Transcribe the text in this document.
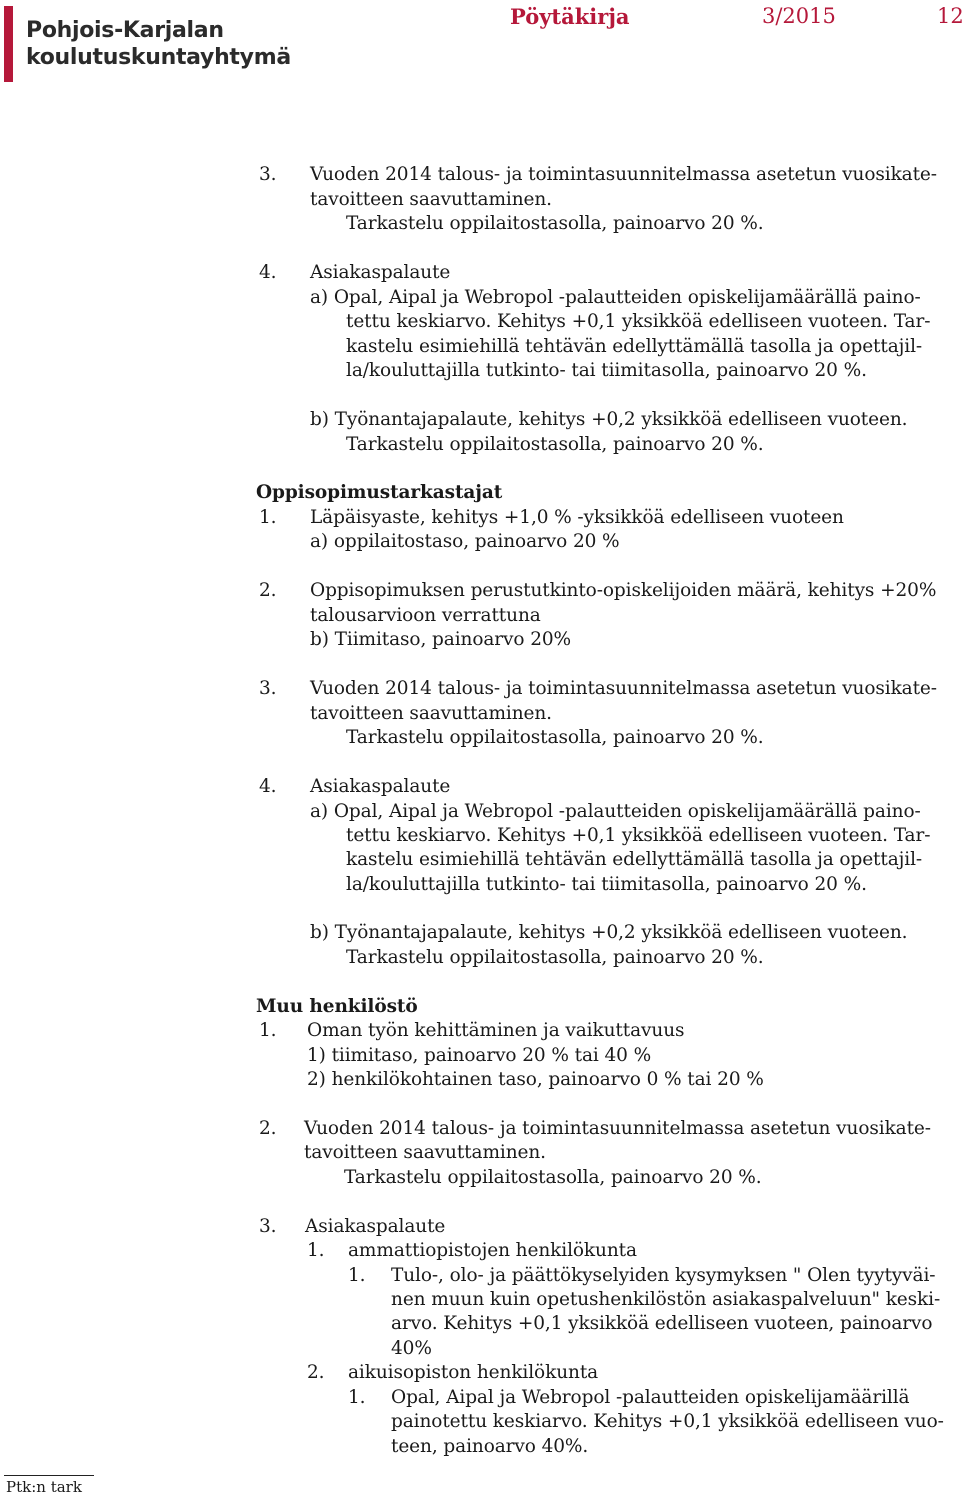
Pohjois-Karjalan
koulutuskuntayhtymä
Pöytäkirja	3/2015	12
3. Vuoden 2014 talous- ja toimintasuunnitelmassa asetetun vuosikate-
tavoitteen saavuttaminen.
Tarkastelu oppilaitostasolla, painoarvo 20 %.
4. Asiakaspalaute
a) Opal, Aipal ja Webropol -palautteiden opiskelijamäärällä paino-
tettu keskiarvo. Kehitys +0,1 yksikköä edelliseen vuoteen. Tar-
kastelu esimiehillä tehtävän edellyttämällä tasolla ja opettajil-
la/kouluttajilla tutkinto- tai tiimitasolla, painoarvo 20 %.
b) Työnantajapalaute, kehitys +0,2 yksikköä edelliseen vuoteen.
Tarkastelu oppilaitostasolla, painoarvo 20 %.
Oppisopimustarkastajat
1. Läpäisyaste, kehitys +1,0 % -yksikköä edelliseen vuoteen
a) oppilaitostaso, painoarvo 20 %
2. Oppisopimuksen perustutkinto-opiskelijoiden määrä, kehitys +20%
talousarvioon verrattuna
b) Tiimitaso, painoarvo 20%
3. Vuoden 2014 talous- ja toimintasuunnitelmassa asetetun vuosikate-
tavoitteen saavuttaminen.
Tarkastelu oppilaitostasolla, painoarvo 20 %.
4. Asiakaspalaute
a) Opal, Aipal ja Webropol -palautteiden opiskelijamäärällä paino-
tettu keskiarvo. Kehitys +0,1 yksikköä edelliseen vuoteen. Tar-
kastelu esimiehillä tehtävän edellyttämällä tasolla ja opettajil-
la/kouluttajilla tutkinto- tai tiimitasolla, painoarvo 20 %.
b) Työnantajapalaute, kehitys +0,2 yksikköä edelliseen vuoteen.
Tarkastelu oppilaitostasolla, painoarvo 20 %.
Muu henkilöstö
1. Oman työn kehittäminen ja vaikuttavuus
1) tiimitaso, painoarvo 20 % tai 40 %
2) henkilökohtainen taso, painoarvo 0 % tai 20 %
2. Vuoden 2014 talous- ja toimintasuunnitelmassa asetetun vuosikate-
tavoitteen saavuttaminen.
Tarkastelu oppilaitostasolla, painoarvo 20 %.
3. Asiakaspalaute
1. ammattiopistojen henkilökunta
1. Tulo-, olo- ja päättökyselyiden kysymyksen " Olen tyytyväi-
nen muun kuin opetushenkilöstön asiakaspalveluun" keski-
arvo. Kehitys +0,1 yksikköä edelliseen vuoteen, painoarvo
40%
2. aikuisopiston henkilökunta
1. Opal, Aipal ja Webropol -palautteiden opiskelijamäärillä
painotettu keskiarvo. Kehitys +0,1 yksikköä edelliseen vuo-
teen, painoarvo 40%.
Ptk:n tark
